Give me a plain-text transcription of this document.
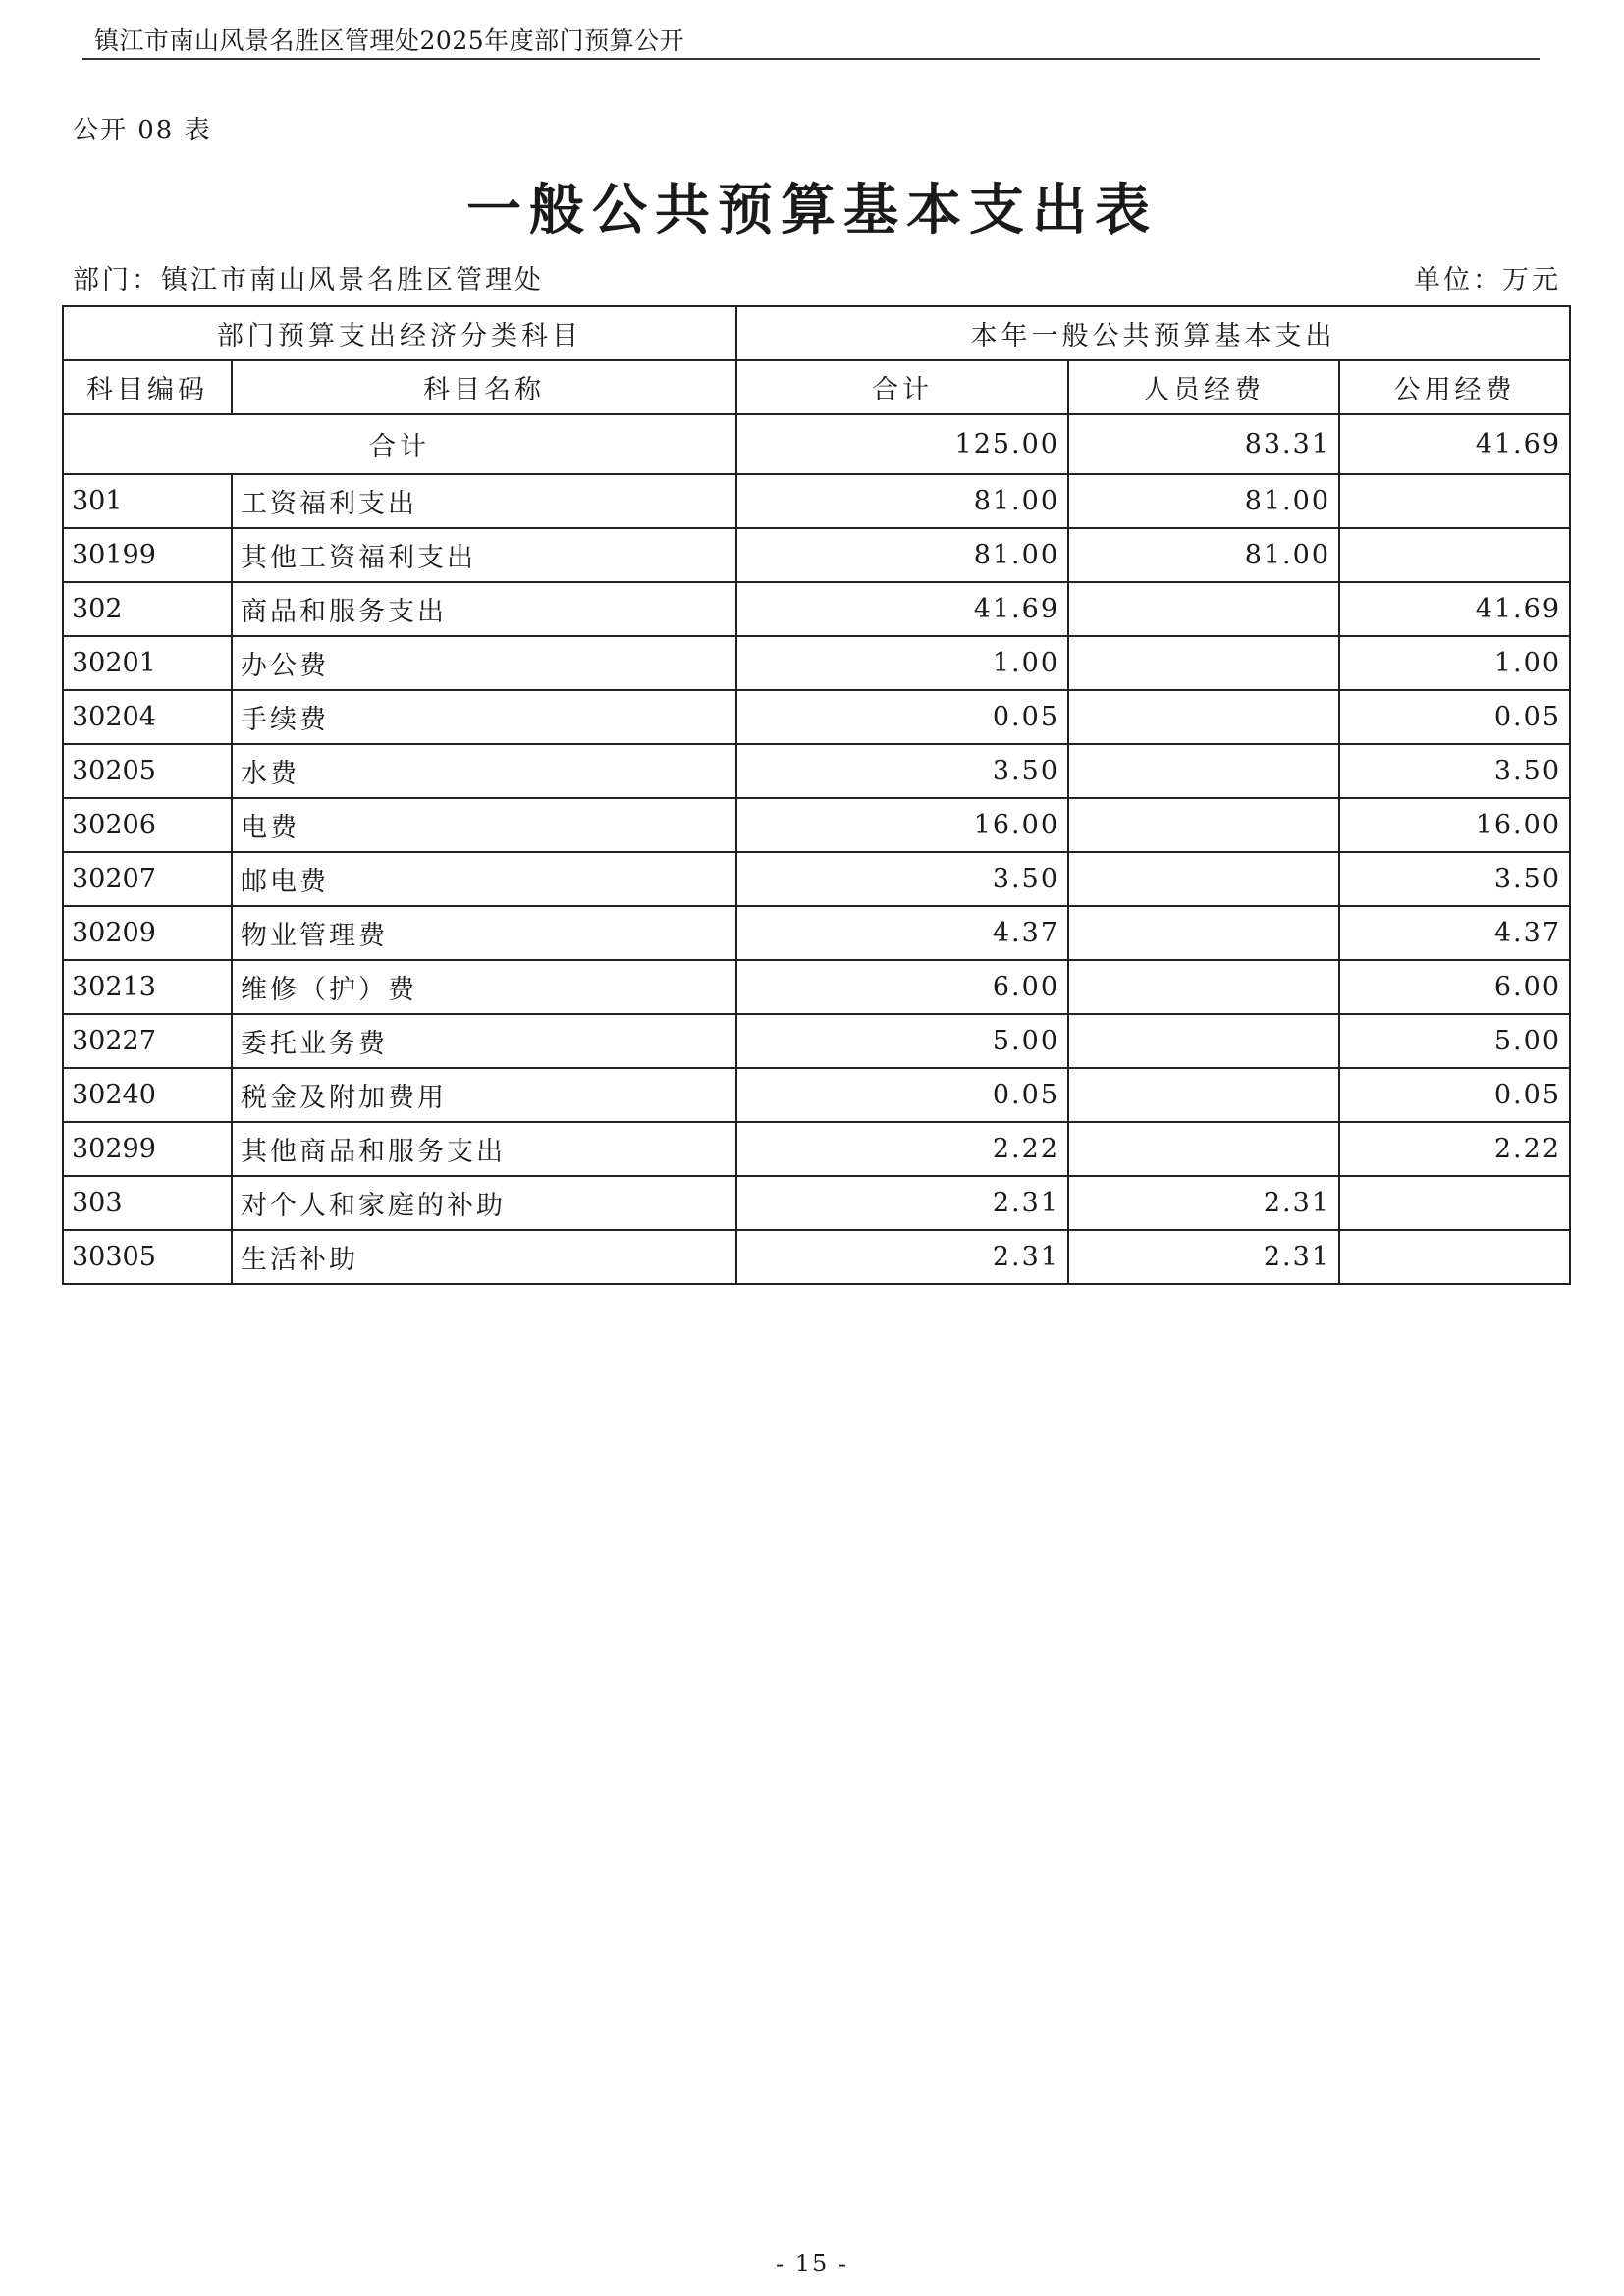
镇江市南山风景名胜区管理处2025年度部门预算公开
公开 08 表
一般公共预算基本支出表
部门：镇江市南山风景名胜区管理处	单位：万元
部门预算支出经济分类科目		本年一般公共预算基本支出		
科目编码	科目名称	合计	人员经费	公用经费
合计		125.00	83.31	41.69
301	工资福利支出	81.00	81.00	
30199	其他工资福利支出	81.00	81.00	
302	商品和服务支出	41.69		41.69
30201	办公费	1.00		1.00
30204	手续费	0.05		0.05
30205	水费	3.50		3.50
30206	电费	16.00		16.00
30207	邮电费	3.50		3.50
30209	物业管理费	4.37		4.37
30213	维修（护）费	6.00		6.00
30227	委托业务费	5.00		5.00
30240	税金及附加费用	0.05		0.05
30299	其他商品和服务支出	2.22		2.22
303	对个人和家庭的补助	2.31	2.31	
30305	生活补助	2.31	2.31	
- 15 -
